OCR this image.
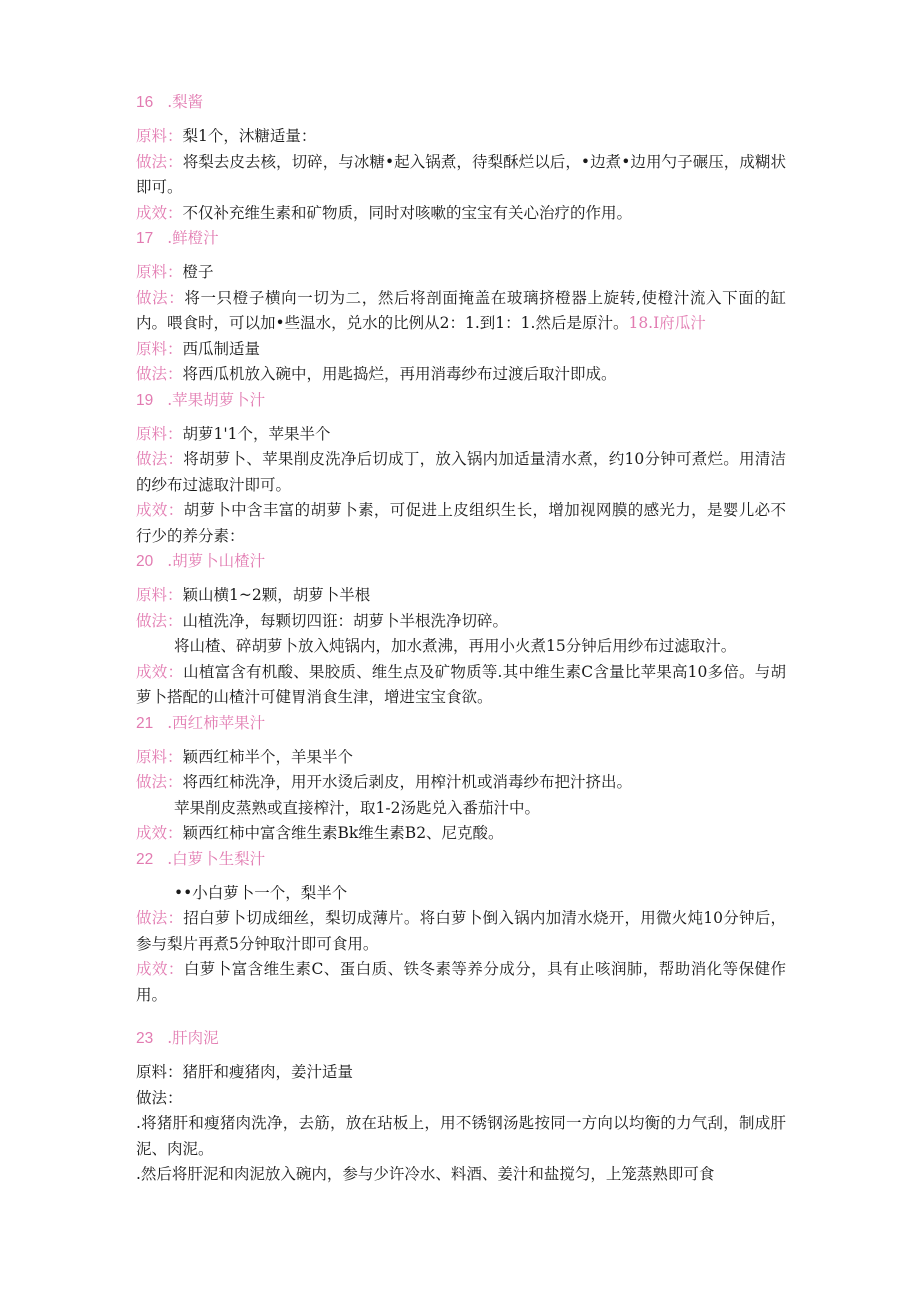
16 .梨酱

原料：梨1个，沐糖适量：

做法：将梨去皮去核，切碎，与冰糖•起入锅煮，待梨酥烂以后，•边煮•边用勺子碾压，成糊状即可。

成效：不仅补充维生素和矿物质，同时对咳嗽的宝宝有关心治疗的作用。

17 .鲜橙汁

原料：橙子

做法：将一只橙子横向一切为二，然后将剖面掩盖在玻璃挤橙器上旋转,使橙汁流入下面的缸内。喂食时，可以加•些温水，兑水的比例从2：1.到1：1.然后是原汁。18.I府瓜汁

原料：西瓜制适量

做法：将西瓜机放入碗中，用匙捣烂，再用消毒纱布过渡后取汁即成。

19 .苹果胡萝卜汁

原料：胡萝1'1个，苹果半个

做法：将胡萝卜、苹果削皮洗净后切成丁，放入锅内加适量清水煮，约10分钟可煮烂。用清洁的纱布过滤取汁即可。

成效：胡萝卜中含丰富的胡萝卜素，可促进上皮组织生长，增加视网膜的感光力，是婴儿必不行少的养分素：

20 .胡萝卜山楂汁

原料：颖山横1~2颗，胡萝卜半根

做法：山植洗净，每颗切四诳：胡萝卜半根洗净切碎。

将山楂、碎胡萝卜放入炖锅内，加水煮沸，再用小火煮15分钟后用纱布过滤取汁。

成效：山植富含有机酸、果胶质、维生点及矿物质等.其中维生素C含量比苹果高10多倍。与胡萝卜搭配的山楂汁可健胃消食生津，增进宝宝食欲。

21 .西红柿苹果汁

原料：颖西红柿半个，羊果半个

做法：将西红柿洗净，用开水烫后剥皮，用榨汁机或消毒纱布把汁挤出。

苹果削皮蒸熟或直接榨汁，取1-2汤匙兑入番茄汁中。

成效：颖西红柿中富含维生素Bk维生素B2、尼克酸。

22 .白萝卜生梨汁

••小白萝卜一个，梨半个

做法：招白萝卜切成细丝，梨切成薄片。将白萝卜倒入锅内加清水烧开，用微火炖10分钟后，参与梨片再煮5分钟取汁即可食用。

成效：白萝卜富含维生素C、蛋白质、铁冬素等养分成分，具有止咳润肺，帮助消化等保健作用。

23 .肝肉泥

原料：猪肝和瘦猪肉，姜汁适量

做法：

.将猪肝和瘦猪肉洗净，去筋，放在玷板上，用不锈钢汤匙按同一方向以均衡的力气刮，制成肝泥、肉泥。

.然后将肝泥和肉泥放入碗内，参与少许冷水、料酒、姜汁和盐搅匀，上笼蒸熟即可食
